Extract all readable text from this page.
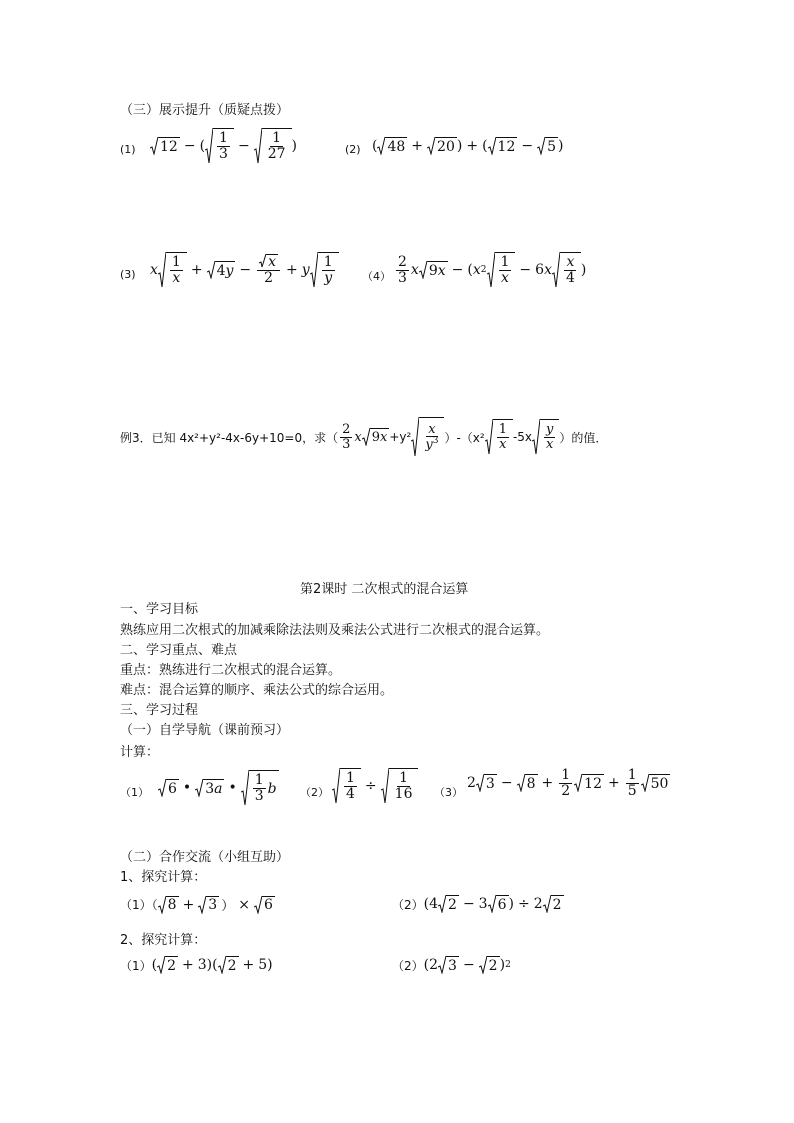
（三）展示提升（质疑点拨）
(1) 12 − ( $\frac{1}{3} - \frac{1}{27}$ )	(2) ( 48 + 20 ) + ( 12 − 5 )
(3) x $\frac{1}{x} + 4$ $y - \frac{x}{2} + y \frac{1}{y} (4) \frac{2}{3}$ x 9 x − ( x $2 \frac{1}{x} - 6$ x $\frac{x}{4}$ )
例3．已知 4x²+y²-4x-6y+10=0，求（ $\frac{2}{3}$ x 9 $x +y^2 \frac{x}{y^3} )-(x^2 \frac{1}{x} -5x \frac{y}{x}$ ）的值．
第2课时 二次根式的混合运算
一、学习目标
熟练应用二次根式的加减乘除法法则及乘法公式进行二次根式的混合运算。
二、学习重点、难点
重点：熟练进行二次根式的混合运算。
难点：混合运算的顺序、乘法公式的综合运用。
三、学习过程
（一）自学导航（课前预习）
计算：
（1） 6 • 3 a • $\frac{1}{3}$ b $(2) \frac{1}{4} \div \frac{1}{16} (3)$
2 $3 - 8 + \frac{1}{2} 12 + \frac{1}{5} 50$
（二）合作交流（小组互助）
1、探究计算：
（1）（ 8 + 3 ） × 6	（2） (4 2 − 3 6 ) ÷ 2 2
2、探究计算：
（1） ( 2 + 3)( 2 + 5)	（2） (2 3 − 2 ) 2
